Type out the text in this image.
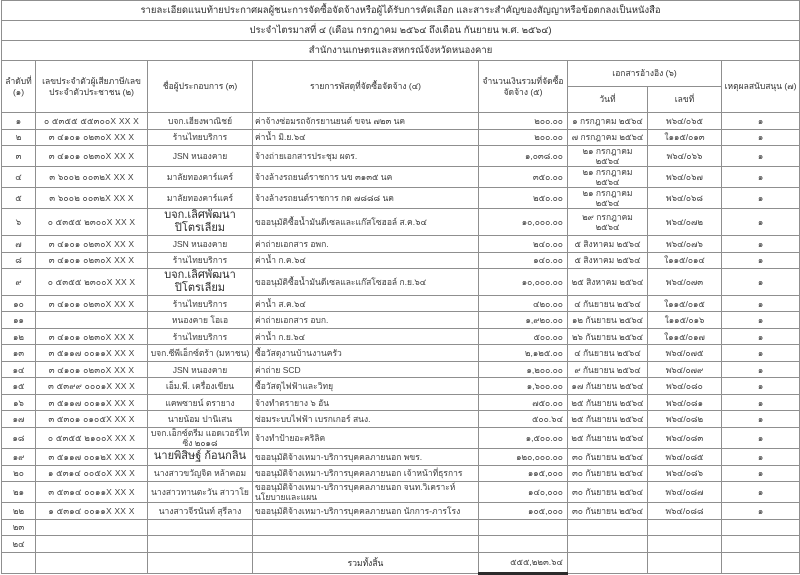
รายละเอียดแนบท้ายประกาศผลผู้ชนะการจัดซื้อจัดจ้างหรือผู้ได้รับการคัดเลือก และสาระสำคัญของสัญญาหรือข้อตกลงเป็นหนังสือ							
ประจำไตรมาสที่ ๔ (เดือน กรกฎาคม ๒๕๖๔ ถึงเดือน กันยายน พ.ศ. ๒๕๖๔)							
สำนักงานเกษตรและสหกรณ์จังหวัดหนองคาย							
ลำดับที่ (๑)	เลขประจำตัวผู้เสียภาษี/เลขประจำตัวประชาชน (๒)	ชื่อผู้ประกอบการ (๓)	รายการพัสดุที่จัดซื้อจัดจ้าง (๔)	จำนวนเงินรวมที่จัดซื้อจัดจ้าง (๕)	เอกสารอ้างอิง (๖)		เหตุผลสนับสนุน (๗)
					วันที่	เลขที่	
๑	๐ ๕๓๕๕ ๕๕๓๐๐X XX X	บจก.เฮียงพาณิชย์	ค่าจ้างซ่อมรถจักรยานยนต์ ขจน ๗๒๓ นค	๒๐๐.๐๐	๑ กรกฎาคม ๒๕๖๔	พ๖๔/๐๖๕	๑
๒	๓ ๔๑๐๑ ๐๒๓๐X XX X	ร้านไทยบริการ	ค่าน้ำ มิ.ย.๖๔	๒๐๐.๐๐	๗ กรกฎาคม ๒๕๖๔	ใ๑๑๕/๐๑๓	๑
๓	๓ ๔๑๐๑ ๐๒๓๐X XX X	JSN หนองคาย	จ้างถ่ายเอกสารประชุม ผตร.	๑,๐๓๘.๐๐	๒๑ กรกฎาคม ๒๕๖๔	พ๖๔/๐๖๖	๑
๔	๓ ๖๐๐๒ ๐๐๓๒X XX X	มาลัยทองคาร์แคร์	จ้างล้างรถยนต์ราชการ นข ๓๑๓๕ นค	๓๕๐.๐๐	๒๑ กรกฎาคม ๒๕๖๔	พ๖๔/๐๖๗	๑
๕	๓ ๖๐๐๒ ๐๐๓๒X XX X	มาลัยทองคาร์แคร์	จ้างล้างรถยนต์ราชการ กด ๗๘๘๘ นค	๒๕๐.๐๐	๒๑ กรกฎาคม ๒๕๖๔	พ๖๔/๐๖๘	๑
๖	๐ ๕๓๕๕ ๒๓๐๐X XX X	บจก.เลิศพัฒนาปิโตรเลียม	ขออนุมัติซื้อน้ำมันดีเซลและแก๊สโซฮอล์ ส.ค.๖๔	๑๐,๐๐๐.๐๐	๒๙ กรกฎาคม ๒๕๖๔	พ๖๔/๐๗๒	๑
๗	๓ ๔๑๐๑ ๐๒๓๐X XX X	JSN หนองคาย	ค่าถ่ายเอกสาร อพก.	๒๔๐.๐๐	๕ สิงหาคม ๒๕๖๔	พ๖๔/๐๗๖	๑
๘	๓ ๔๑๐๑ ๐๒๓๐X XX X	ร้านไทยบริการ	ค่าน้ำ ก.ค.๖๔	๑๔๐.๐๐	๕ สิงหาคม ๒๕๖๔	ใ๑๑๕/๐๑๔	๑
๙	๐ ๕๓๕๕ ๒๓๐๐X XX X	บจก.เลิศพัฒนาปิโตรเลียม	ขออนุมัติซื้อน้ำมันดีเซลและแก๊สโซฮอล์ ก.ย.๖๔	๑๐,๐๐๐.๐๐	๒๕ สิงหาคม ๒๕๖๔	พ๖๔/๐๗๓	๑
๑๐	๓ ๔๑๐๑ ๐๒๓๐X XX X	ร้านไทยบริการ	ค่าน้ำ ส.ค.๖๔	๔๒๐.๐๐	๔ กันยายน ๒๕๖๔	ใ๑๑๕/๐๑๕	๑
๑๑		หนองคาย โอเอ	ค่าถ่ายเอกสาร อบก.	๑,๙๒๐.๐๐	๑๒ กันยายน ๒๕๖๔	ใ๑๑๕/๐๑๖	๑
๑๒	๓ ๔๑๐๑ ๐๒๓๐X XX X	ร้านไทยบริการ	ค่าน้ำ ก.ย.๖๔	๕๐๐.๐๐	๒๖ กันยายน ๒๕๖๔	ใ๑๑๕/๐๑๗	๑
๑๓	๓ ๕๑๑๗ ๐๐๑๑X XX X	บจก.ซีพีเอ็กซ์ตร้า (มหาชน)	ซื้อวัสดุงานบ้านงานครัว	๒,๑๒๕.๐๐	๔ กันยายน ๒๕๖๔	พ๖๔/๐๗๕	๑
๑๔	๓ ๔๑๐๑ ๐๒๓๐X XX X	JSN หนองคาย	ค่าถ่าย SCD	๑,๒๐๐.๐๐	๙ กันยายน ๒๕๖๔	พ๖๔/๐๗๙	๑
๑๕	๓ ๕๓๙๙ ๐๐๐๑X XX X	เอ็ม.พี. เครื่องเขียน	ซื้อวัสดุไฟฟ้าและวิทยุ	๑,๖๐๐.๐๐	๑๗ กันยายน ๒๕๖๔	พ๖๔/๐๘๐	๑
๑๖	๓ ๕๑๑๗ ๐๐๑๑X XX X	แคพซายน์ ตรายาง	จ้างทำตรายาง ๖ อัน	๗๕๐.๐๐	๒๕ กันยายน ๒๕๖๔	พ๖๔/๐๘๑	๑
๑๗	๓ ๕๓๐๑ ๐๑๐๕X XX X	นายน้อม ปานิเสน	ซ่อมระบบไฟฟ้า เบรกเกอร์ สนง.	๕๐๐.๖๔	๒๕ กันยายน ๒๕๖๔	พ๖๔/๐๘๒	๑
๑๘	๐ ๕๓๕๕ ๒๑๐๐X XX X	บจก.เอ็กซ์ตรีม แอดเวอร์ไทซิ่ง ๒๐๑๘	จ้างทำป้ายอะคริลิค	๑,๕๐๐.๐๐	๒๕ กันยายน ๒๕๖๔	พ๖๔/๐๘๓	๑
๑๙	๓ ๕๑๑๗ ๐๐๑๒X XX X	นายพิสิษฐ์ ก้อนกลิ่น	ขออนุมัติจ้างเหมา-บริการบุคคลภายนอก พขร.	๑๒๐,๐๐๐.๐๐	๓๐ กันยายน ๒๕๖๔	พ๖๔/๐๘๕	๑
๒๐	๑ ๕๓๑๔ ๐๐๕๐X XX X	นางสาวขวัญจิต หล้าคอม	ขออนุมัติจ้างเหมา-บริการบุคคลภายนอก เจ้าหน้าที่ธุรการ	๑๑๕,๐๐๐	๓๐ กันยายน ๒๕๖๔	พ๖๔/๐๘๖	๑
๒๑	๓ ๕๓๑๔ ๐๐๑๑X XX X	นางสาวทานตะวัน สาวาโย	ขออนุมัติจ้างเหมา-บริการบุคคลภายนอก จนท.วิเคราะห์นโยบายและแผน	๑๔๐,๐๐๐	๓๐ กันยายน ๒๕๖๔	พ๖๔/๐๘๗	๑
๒๒	๑ ๕๓๑๔ ๐๐๑๑X XX X	นางสาวจีรนันท์ สุรีลาง	ขออนุมัติจ้างเหมา-บริการบุคคลภายนอก นักการ-ภารโรง	๑๐๕,๐๐๐	๓๐ กันยายน ๒๕๖๔	พ๖๔/๐๘๘	๑
๒๓							
๒๔							
			รวมทั้งสิ้น	๕๕๕,๒๒๓.๖๔			
